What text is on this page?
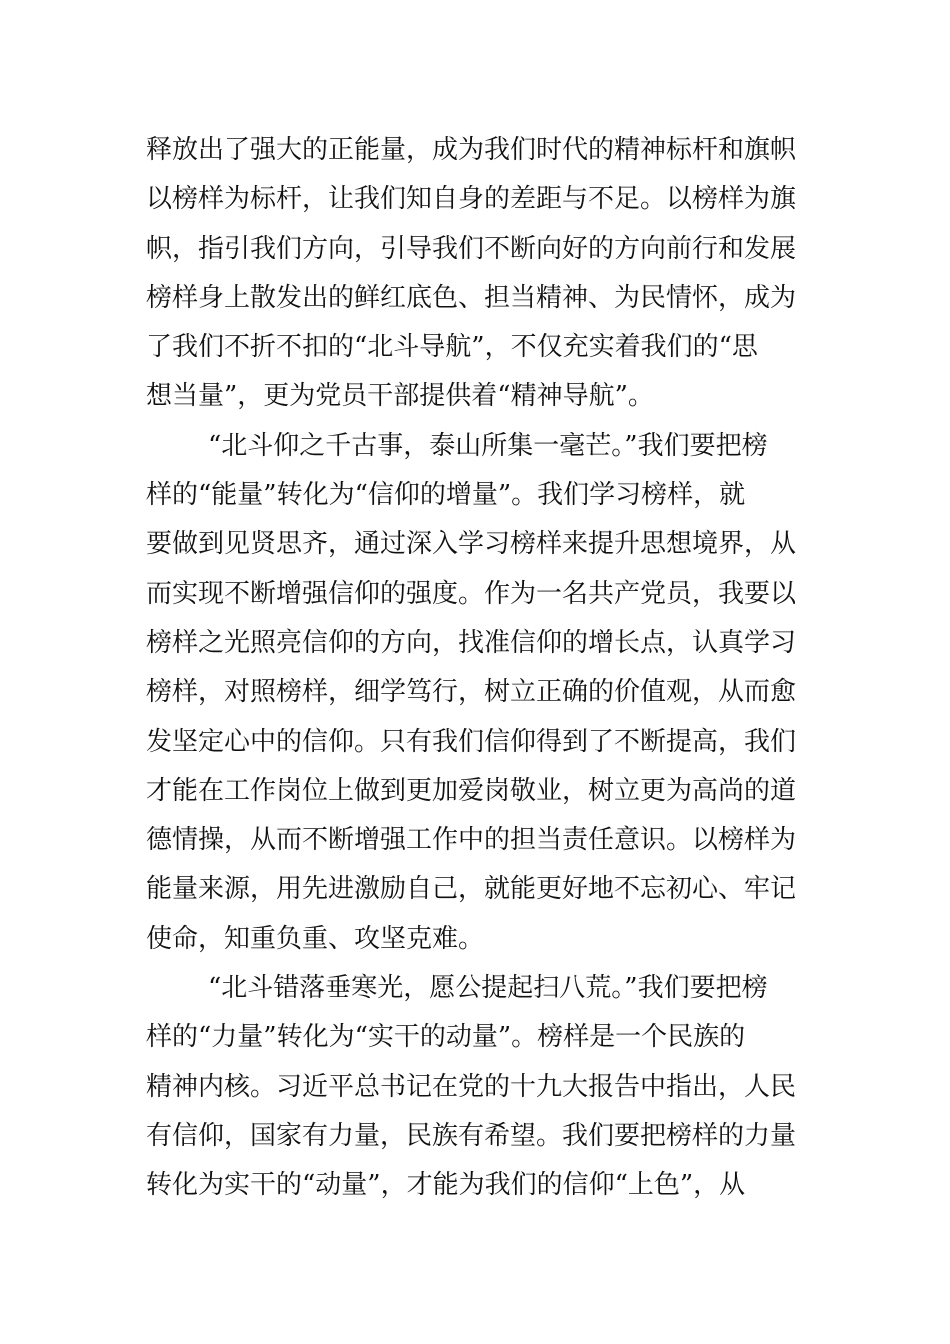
释放出了强大的正能量，成为我们时代的精神标杆和旗帜
以榜样为标杆，让我们知自身的差距与不足。以榜样为旗
帜，指引我们方向，引导我们不断向好的方向前行和发展
榜样身上散发出的鲜红底色、担当精神、为民情怀，成为
了我们不折不扣的“北斗导航”，不仅充实着我们的“思
想当量”，更为党员干部提供着“精神导航”。
“北斗仰之千古事，泰山所集一毫芒。”我们要把榜
样的“能量”转化为“信仰的增量”。我们学习榜样，就
要做到见贤思齐，通过深入学习榜样来提升思想境界，从
而实现不断增强信仰的强度。作为一名共产党员，我要以
榜样之光照亮信仰的方向，找准信仰的增长点，认真学习
榜样，对照榜样，细学笃行，树立正确的价值观，从而愈
发坚定心中的信仰。只有我们信仰得到了不断提高，我们
才能在工作岗位上做到更加爱岗敬业，树立更为高尚的道
德情操，从而不断增强工作中的担当责任意识。以榜样为
能量来源，用先进激励自己，就能更好地不忘初心、牢记
使命，知重负重、攻坚克难。
“北斗错落垂寒光，愿公提起扫八荒。”我们要把榜
样的“力量”转化为“实干的动量”。榜样是一个民族的
精神内核。习近平总书记在党的十九大报告中指出，人民
有信仰，国家有力量，民族有希望。我们要把榜样的力量
转化为实干的“动量”，才能为我们的信仰“上色”，从
